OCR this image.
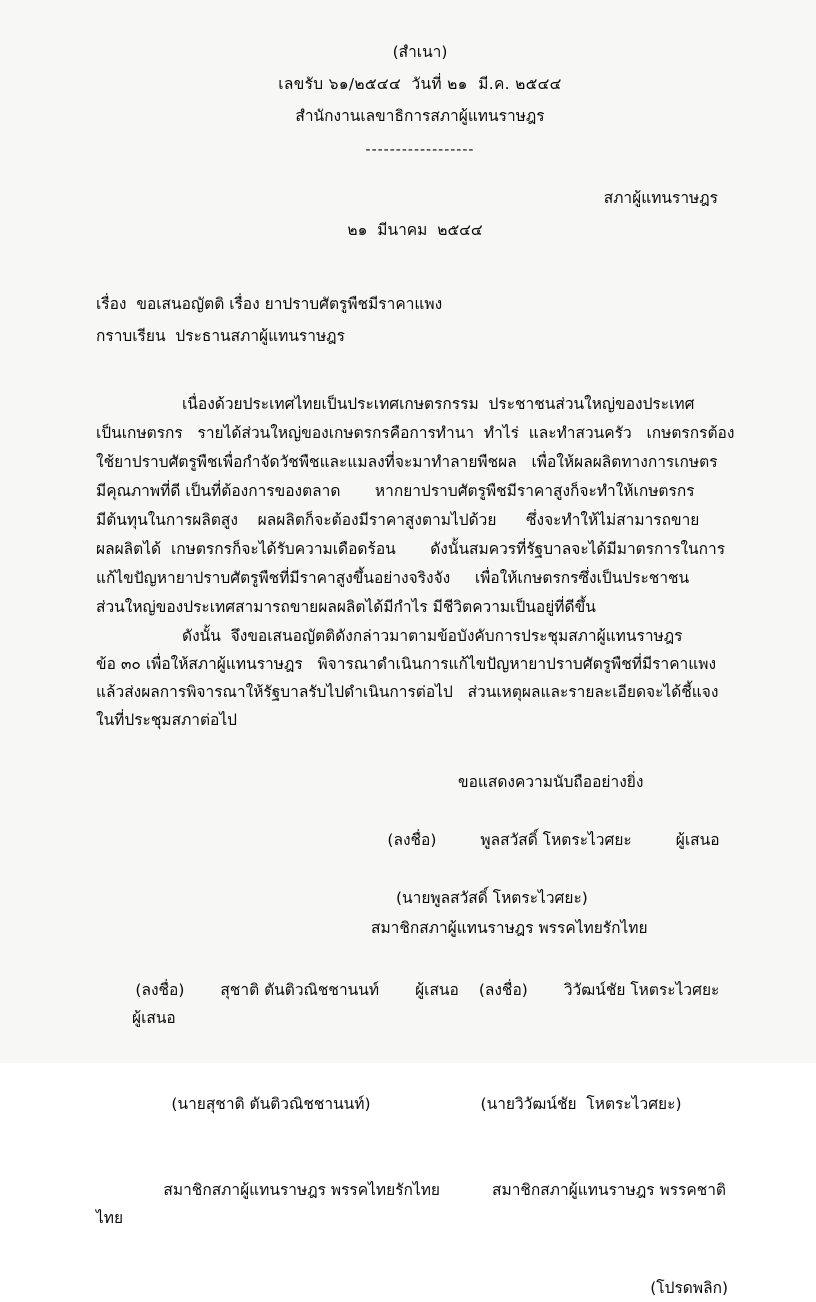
(สำเนา)
เลขรับ ๖๑/๒๕๔๔  วันที่ ๒๑  มี.ค. ๒๕๔๔
สำนักงานเลขาธิการสภาผู้แทนราษฎร
------------------
สภาผู้แทนราษฎร
๒๑  มีนาคม  ๒๕๔๔
เรื่อง  ขอเสนอญัตติ เรื่อง ยาปราบศัตรูพืชมีราคาแพง
กราบเรียน  ประธานสภาผู้แทนราษฎร
เนื่องด้วยประเทศไทยเป็นประเทศเกษตรกรรม  ประชาชนส่วนใหญ่ของประเทศ
เป็นเกษตรกร   รายได้ส่วนใหญ่ของเกษตรกรคือการทำนา  ทำไร่  และทำสวนครัว   เกษตรกรต้อง
ใช้ยาปราบศัตรูพืชเพื่อกำจัดวัชพืชและแมลงที่จะมาทำลายพืชผล   เพื่อให้ผลผลิตทางการเกษตร
มีคุณภาพที่ดี เป็นที่ต้องการของตลาด       หากยาปราบศัตรูพืชมีราคาสูงก็จะทำให้เกษตรกร
มีต้นทุนในการผลิตสูง    ผลผลิตก็จะต้องมีราคาสูงตามไปด้วย      ซึ่งจะทำให้ไม่สามารถขาย
ผลผลิตได้  เกษตรกรก็จะได้รับความเดือดร้อน       ดังนั้นสมควรที่รัฐบาลจะได้มีมาตรการในการ
แก้ไขปัญหายาปราบศัตรูพืชที่มีราคาสูงขึ้นอย่างจริงจัง     เพื่อให้เกษตรกรซึ่งเป็นประชาชน
ส่วนใหญ่ของประเทศสามารถขายผลผลิตได้มีกำไร มีชีวิตความเป็นอยู่ที่ดีขึ้น
ดังนั้น  จึงขอเสนอญัตติดังกล่าวมาตามข้อบังคับการประชุมสภาผู้แทนราษฎร
ข้อ ๓๐ เพื่อให้สภาผู้แทนราษฎร   พิจารณาดำเนินการแก้ไขปัญหายาปราบศัตรูพืชที่มีราคาแพง
แล้วส่งผลการพิจารณาให้รัฐบาลรับไปดำเนินการต่อไป   ส่วนเหตุผลและรายละเอียดจะได้ชี้แจง
ในที่ประชุมสภาต่อไป
ขอแสดงความนับถืออย่างยิ่ง

(ลงชื่อ)	พูลสวัสดิ์ โหตระไวศยะ	ผู้เสนอ

(นายพูลสวัสดิ์ โหตระไวศยะ)
สมาชิกสภาผู้แทนราษฎร พรรคไทยรักไทย

(ลงชื่อ) สุชาติ ตันติวณิชชานนท์ ผู้เสนอ (ลงชื่อ) วิวัฒน์ชัย โหตระไวศยะผู้เสนอ

(นายสุชาติ ตันติวณิชชานนท์)	(นายวิวัฒน์ชัย  โหตระไวศยะ)

สมาชิกสภาผู้แทนราษฎร พรรคไทยรักไทย	สมาชิกสภาผู้แทนราษฎร พรรคชาติไทย

(โปรดพลิก)
